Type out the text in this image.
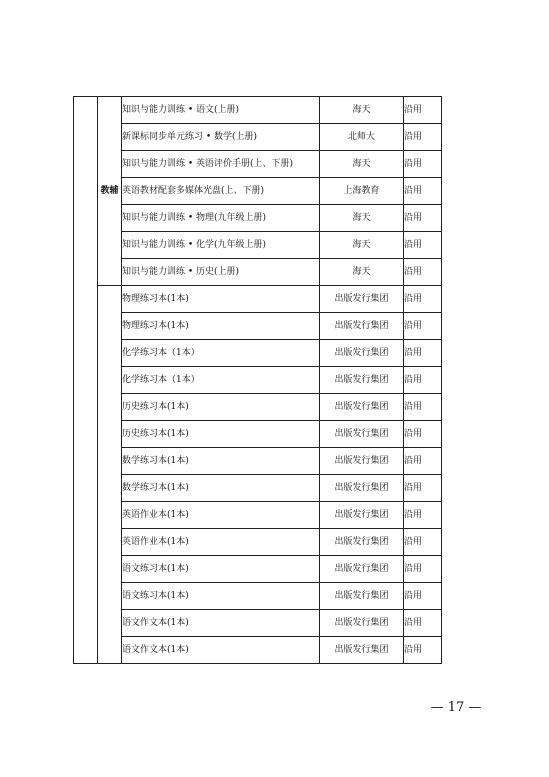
	教辅	知识与能力训练 • 语文(上册)	海天	沿用
		新课标同步单元练习 • 数学(上册)	北师大	沿用
		知识与能力训练 • 英语评价手册(上、下册)	海天	沿用
		英语教材配套多媒体光盘(上、下册)	上海教育	沿用
		知识与能力训练 • 物理(九年级上册)	海天	沿用
		知识与能力训练 • 化学(九年级上册)	海天	沿用
		知识与能力训练 • 历史(上册)	海天	沿用
		物理练习本(1本)	出版发行集团	沿用
		物理练习本(1本)	出版发行集团	沿用
		化学练习本（1本）	出版发行集团	沿用
		化学练习本（1本）	出版发行集团	沿用
		历史练习本(1本)	出版发行集团	沿用
		历史练习本(1本)	出版发行集团	沿用
		数学练习本(1本)	出版发行集团	沿用
		数学练习本(1本)	出版发行集团	沿用
		英语作业本(1本)	出版发行集团	沿用
		英语作业本(1本)	出版发行集团	沿用
		语文练习本(1本)	出版发行集团	沿用
		语文练习本(1本)	出版发行集团	沿用
		语文作文本(1本)	出版发行集团	沿用
		语文作文本(1本)	出版发行集团	沿用
— 17 —
